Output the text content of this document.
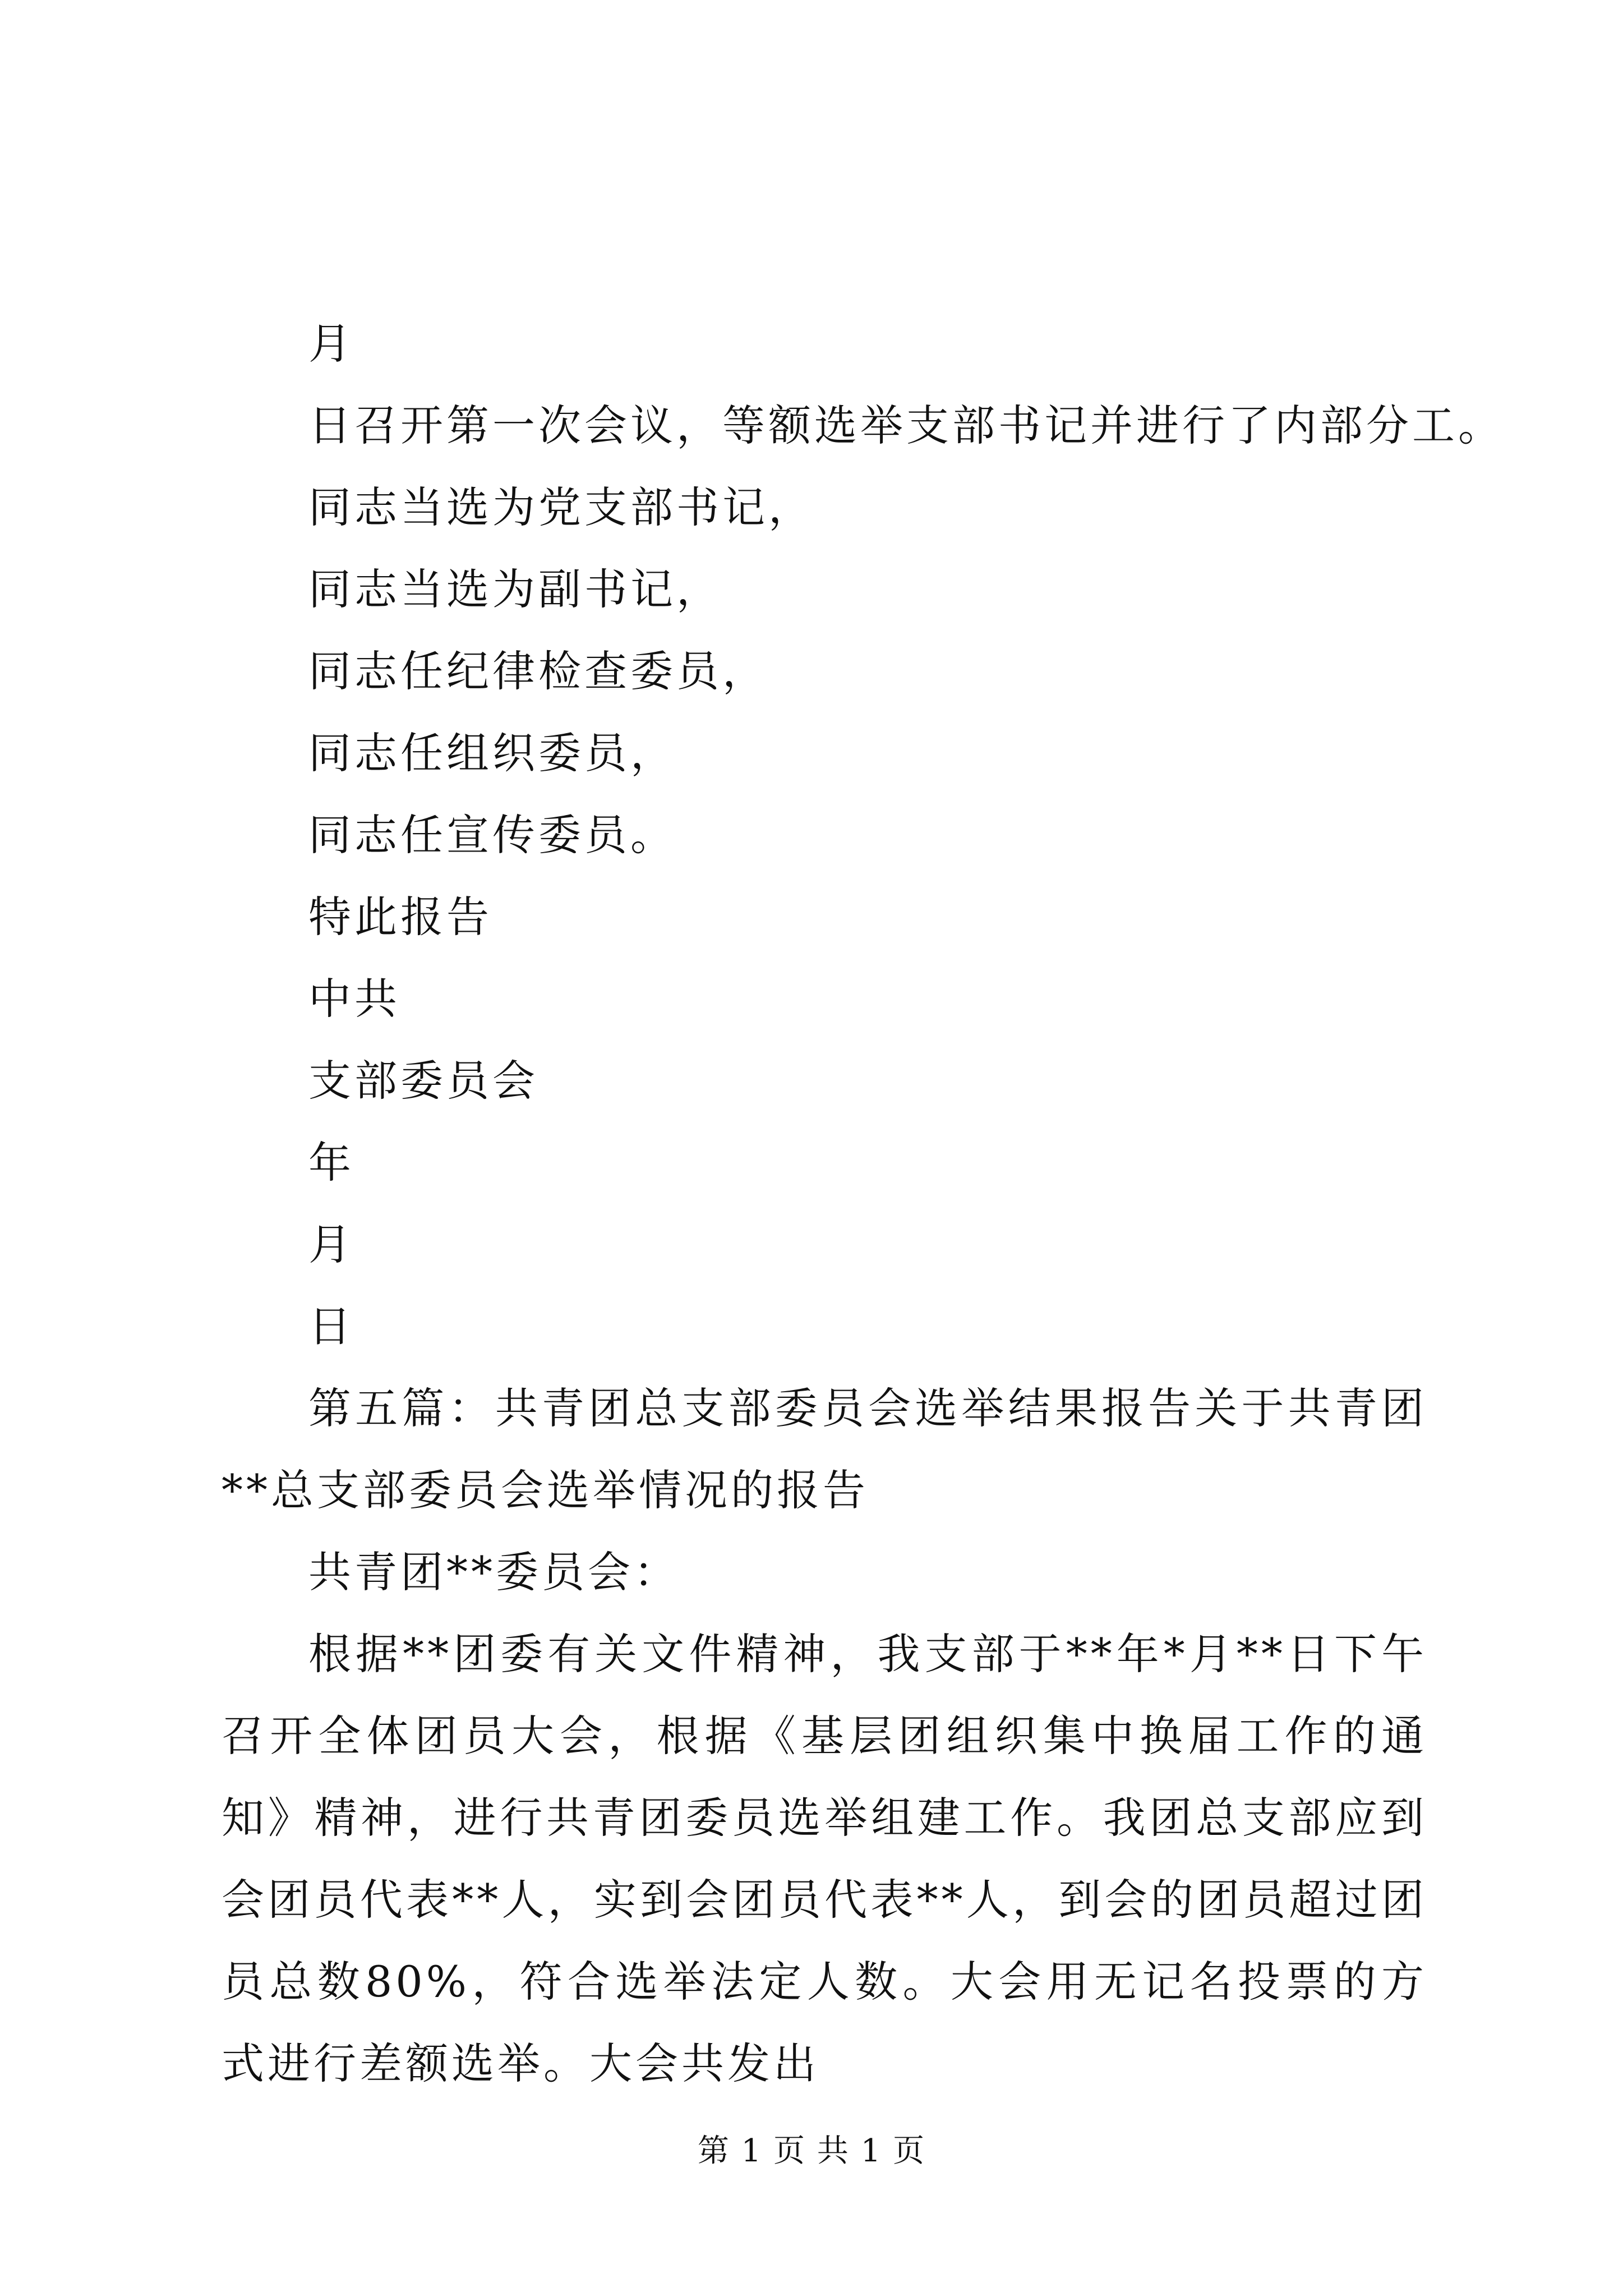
月
日召开第一次会议，等额选举支部书记并进行了内部分工。
同志当选为党支部书记，
同志当选为副书记，
同志任纪律检查委员，
同志任组织委员，
同志任宣传委员。
特此报告
中共
支部委员会
年
月
日

第五篇：共青团总支部委员会选举结果报告关于共青团**总支部委员会选举情况的报告

共青团**委员会：

根据**团委有关文件精神，我支部于**年*月**日下午召开全体团员大会，根据《基层团组织集中换届工作的通知》精神，进行共青团委员选举组建工作。我团总支部应到会团员代表**人，实到会团员代表**人，到会的团员超过团员总数80%，符合选举法定人数。大会用无记名投票的方式进行差额选举。大会共发出

第 1 页 共 1 页
